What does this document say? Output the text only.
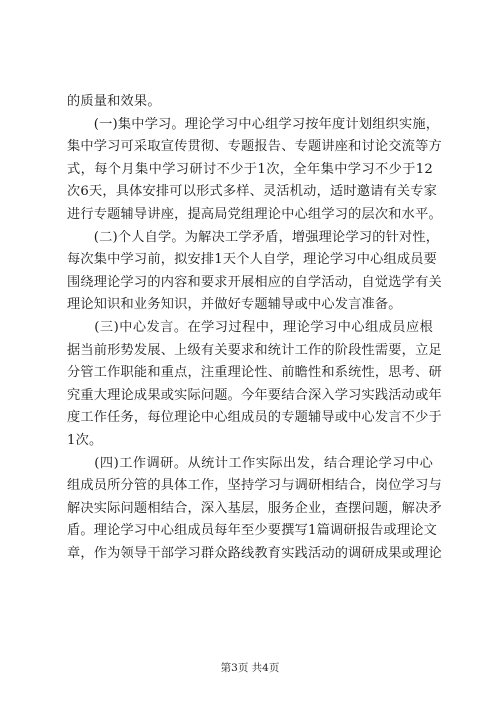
的质量和效果。
　　(一)集中学习。理论学习中心组学习按年度计划组织实施，
集中学习可采取宣传贯彻、专题报告、专题讲座和讨论交流等方
式，每个月集中学习研讨不少于1次，全年集中学习不少于12
次6天，具体安排可以形式多样、灵活机动，适时邀请有关专家
进行专题辅导讲座，提高局党组理论中心组学习的层次和水平。
　　(二)个人自学。为解决工学矛盾，增强理论学习的针对性，
每次集中学习前，拟安排1天个人自学，理论学习中心组成员要
围绕理论学习的内容和要求开展相应的自学活动，自觉选学有关
理论知识和业务知识，并做好专题辅导或中心发言准备。
　　(三)中心发言。在学习过程中，理论学习中心组成员应根
据当前形势发展、上级有关要求和统计工作的阶段性需要，立足
分管工作职能和重点，注重理论性、前瞻性和系统性，思考、研
究重大理论成果或实际问题。今年要结合深入学习实践活动或年
度工作任务，每位理论中心组成员的专题辅导或中心发言不少于
1次。
　　(四)工作调研。从统计工作实际出发，结合理论学习中心
组成员所分管的具体工作，坚持学习与调研相结合，岗位学习与
解决实际问题相结合，深入基层，服务企业，查摆问题，解决矛
盾。理论学习中心组成员每年至少要撰写1篇调研报告或理论文
章，作为领导干部学习群众路线教育实践活动的调研成果或理论
第3页 共4页
